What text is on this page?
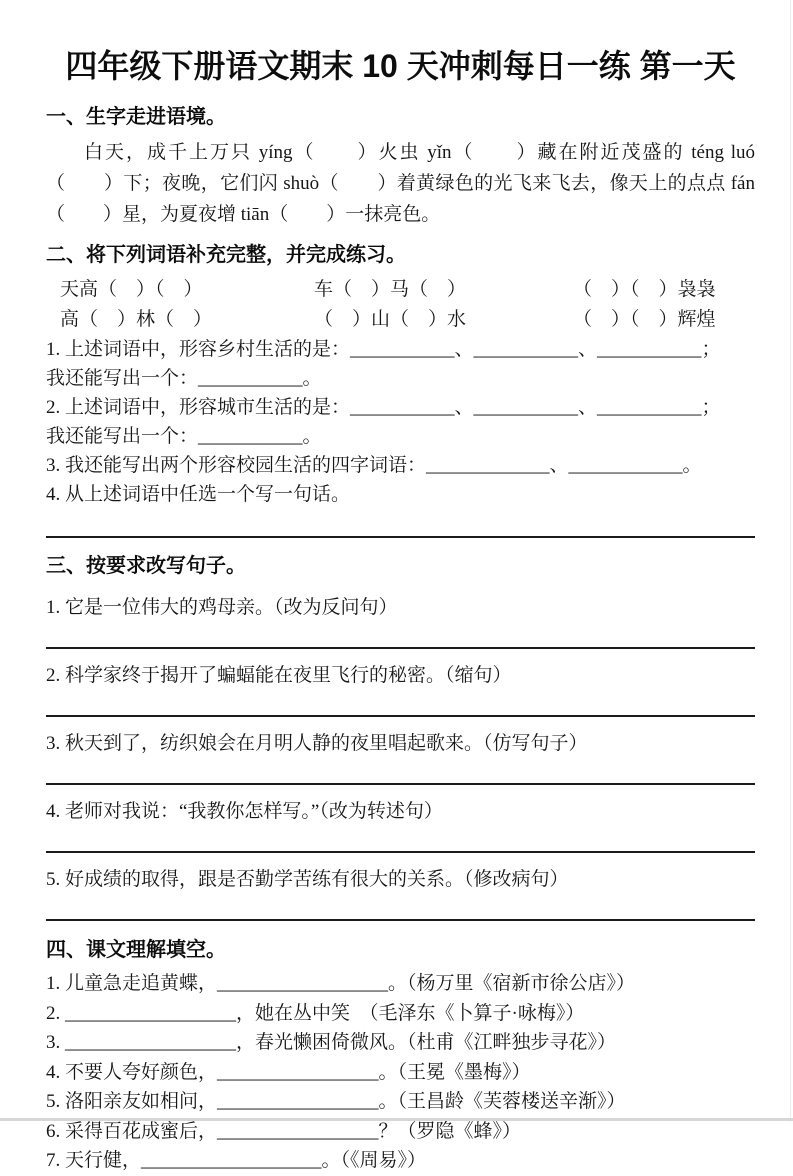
四年级下册语文期末 10 天冲刺每日一练 第一天
一、生字走进语境。

白天，成千上万只 yíng（　　）火虫 yǐn（　　）藏在附近茂盛的 téng luó（　　）下；夜晚，它们闪 shuò（　　）着黄绿色的光飞来飞去，像天上的点点 fán（　　）星，为夏夜增 tiān（　　）一抹亮色。

二、将下列词语补充完整，并完成练习。
天高（　）（　）	车（　）马（　）	（　）（　）袅袅
高（　）林（　）	（　）山（　）水	（　）（　）辉煌
1. 上述词语中，形容乡村生活的是：___________、___________、___________；
我还能写出一个：___________。
2. 上述词语中，形容城市生活的是：___________、___________、___________；
我还能写出一个：___________。
3. 我还能写出两个形容校园生活的四字词语：_____________、____________。
4. 从上述词语中任选一个写一句话。
三、按要求改写句子。
1. 它是一位伟大的鸡母亲。（改为反问句）
2. 科学家终于揭开了蝙蝠能在夜里飞行的秘密。（缩句）
3. 秋天到了，纺织娘会在月明人静的夜里唱起歌来。（仿写句子）
4. 老师对我说：“我教你怎样写。”（改为转述句）
5. 好成绩的取得，跟是否勤学苦练有很大的关系。（修改病句）
四、课文理解填空。
1. 儿童急走追黄蝶，__________________。（杨万里《宿新市徐公店》）
2. __________________，她在丛中笑　（毛泽东《卜算子·咏梅》）
3. __________________，春光懒困倚微风。（杜甫《江畔独步寻花》）
4. 不要人夸好颜色，_________________。（王冕《墨梅》）
5. 洛阳亲友如相问，_________________。（王昌龄《芙蓉楼送辛渐》）
6. 采得百花成蜜后，_________________？（罗隐《蜂》）
7. 天行健，___________________。（《周易》）
